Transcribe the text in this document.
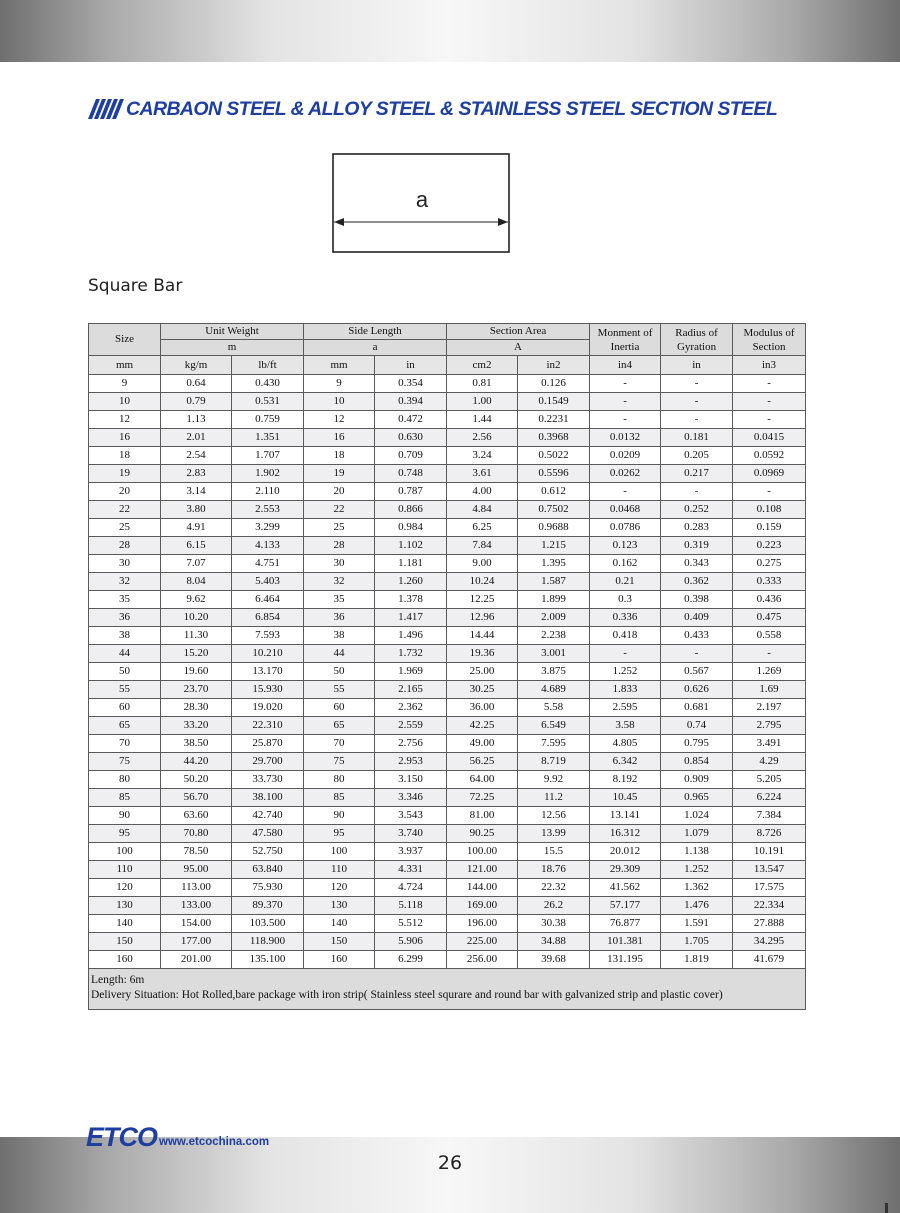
CARBAON STEEL & ALLOY STEEL & STAINLESS STEEL SECTION STEEL
a
Square Bar
Size	Unit Weight		Side Length		Section Area		Monment of Inertia	Radius of Gyration	Modulus of Section
	m		a		A				
mm	kg/m	lb/ft	mm	in	cm2	in2	in4	in	in3
9	0.64	0.430	9	0.354	0.81	0.126	-	-	-
10	0.79	0.531	10	0.394	1.00	0.1549	-	-	-
12	1.13	0.759	12	0.472	1.44	0.2231	-	-	-
16	2.01	1.351	16	0.630	2.56	0.3968	0.0132	0.181	0.0415
18	2.54	1.707	18	0.709	3.24	0.5022	0.0209	0.205	0.0592
19	2.83	1.902	19	0.748	3.61	0.5596	0.0262	0.217	0.0969
20	3.14	2.110	20	0.787	4.00	0.612	-	-	-
22	3.80	2.553	22	0.866	4.84	0.7502	0.0468	0.252	0.108
25	4.91	3.299	25	0.984	6.25	0.9688	0.0786	0.283	0.159
28	6.15	4.133	28	1.102	7.84	1.215	0.123	0.319	0.223
30	7.07	4.751	30	1.181	9.00	1.395	0.162	0.343	0.275
32	8.04	5.403	32	1.260	10.24	1.587	0.21	0.362	0.333
35	9.62	6.464	35	1.378	12.25	1.899	0.3	0.398	0.436
36	10.20	6.854	36	1.417	12.96	2.009	0.336	0.409	0.475
38	11.30	7.593	38	1.496	14.44	2.238	0.418	0.433	0.558
44	15.20	10.210	44	1.732	19.36	3.001	-	-	-
50	19.60	13.170	50	1.969	25.00	3.875	1.252	0.567	1.269
55	23.70	15.930	55	2.165	30.25	4.689	1.833	0.626	1.69
60	28.30	19.020	60	2.362	36.00	5.58	2.595	0.681	2.197
65	33.20	22.310	65	2.559	42.25	6.549	3.58	0.74	2.795
70	38.50	25.870	70	2.756	49.00	7.595	4.805	0.795	3.491
75	44.20	29.700	75	2.953	56.25	8.719	6.342	0.854	4.29
80	50.20	33.730	80	3.150	64.00	9.92	8.192	0.909	5.205
85	56.70	38.100	85	3.346	72.25	11.2	10.45	0.965	6.224
90	63.60	42.740	90	3.543	81.00	12.56	13.141	1.024	7.384
95	70.80	47.580	95	3.740	90.25	13.99	16.312	1.079	8.726
100	78.50	52.750	100	3.937	100.00	15.5	20.012	1.138	10.191
110	95.00	63.840	110	4.331	121.00	18.76	29.309	1.252	13.547
120	113.00	75.930	120	4.724	144.00	22.32	41.562	1.362	17.575
130	133.00	89.370	130	5.118	169.00	26.2	57.177	1.476	22.334
140	154.00	103.500	140	5.512	196.00	30.38	76.877	1.591	27.888
150	177.00	118.900	150	5.906	225.00	34.88	101.381	1.705	34.295
160	201.00	135.100	160	6.299	256.00	39.68	131.195	1.819	41.679

Length: 6m
Delivery Situation: Hot Rolled,bare package with iron strip( Stainless steel squrare and round bar with galvanized strip and plastic cover)									
ETCO www.etcochina.com
26
